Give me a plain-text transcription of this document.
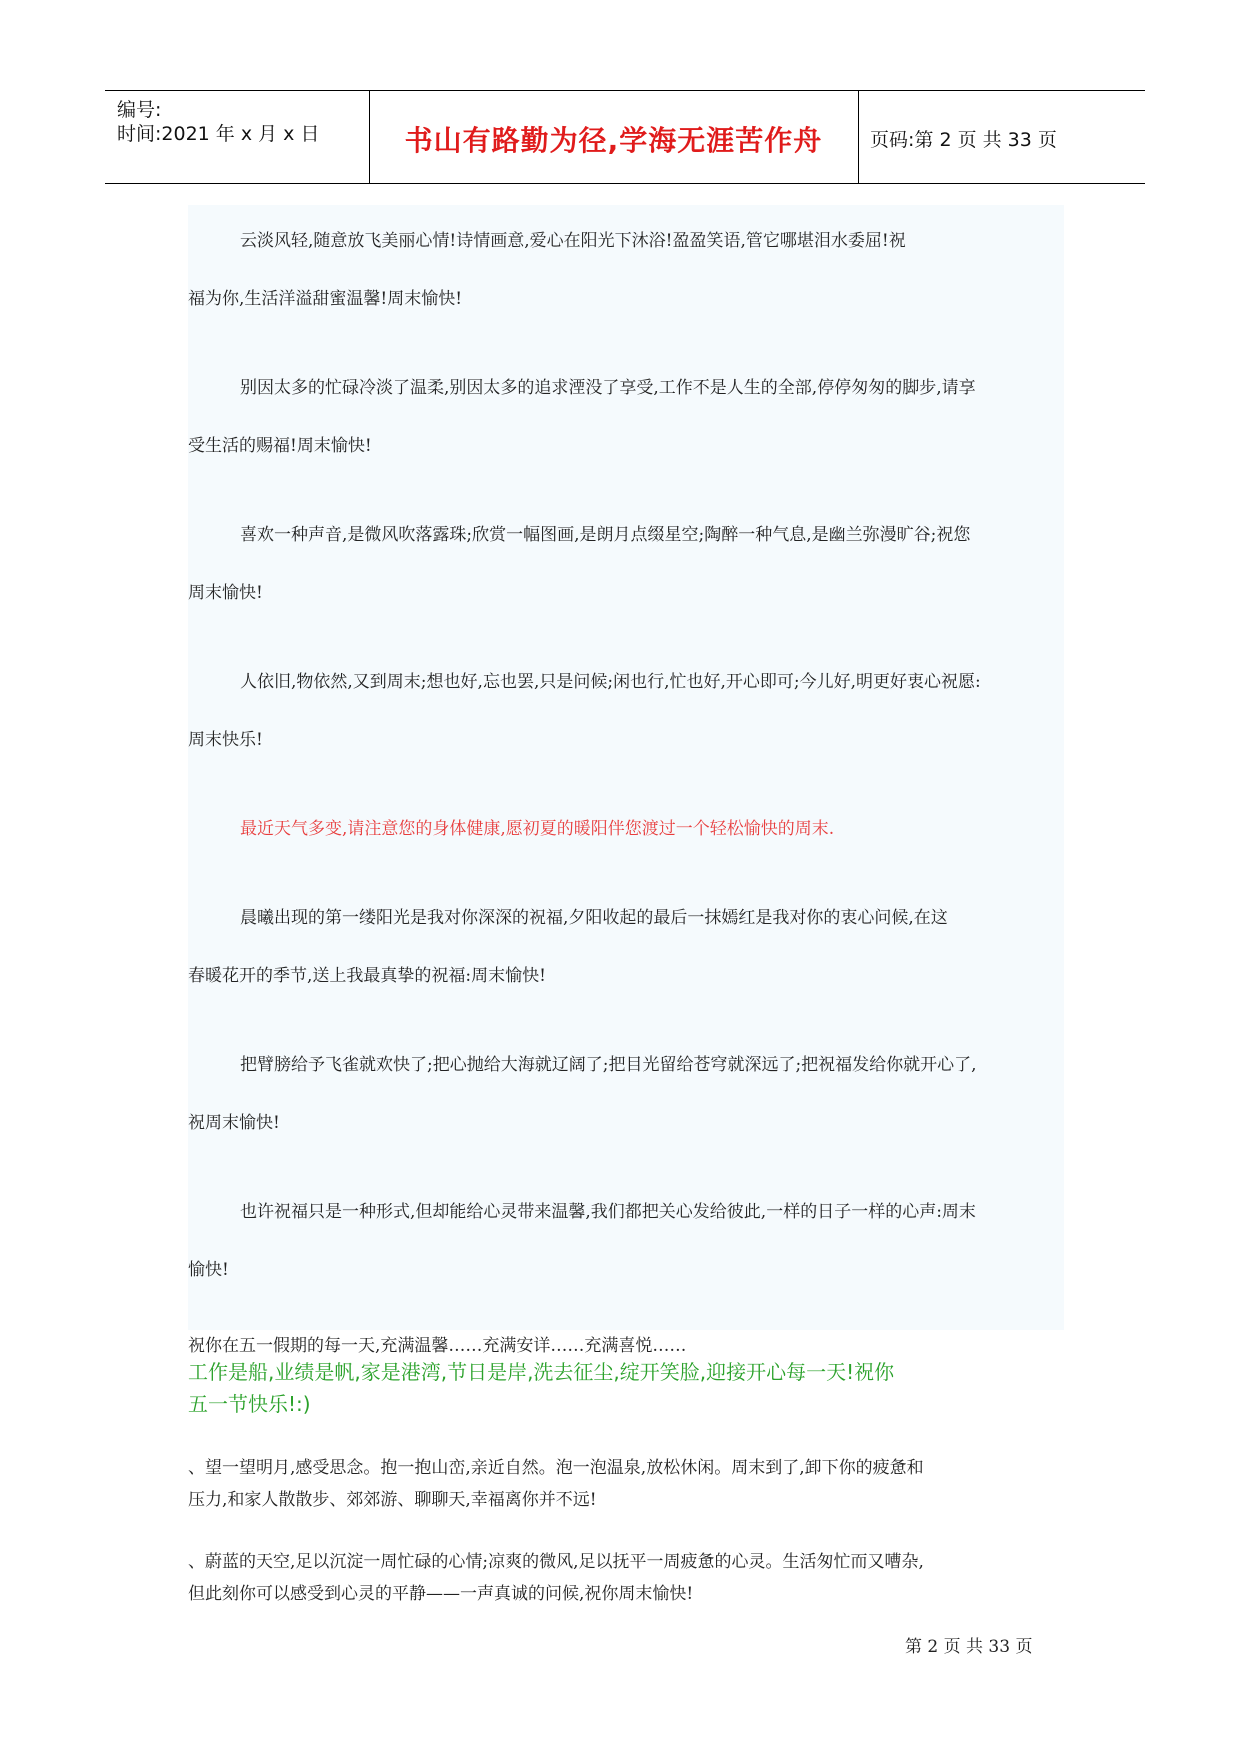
编号:
时间:2021 年 x 月 x 日	书山有路勤为径,学海无涯苦作舟	页码:第 2 页 共 33 页
云淡风轻,随意放飞美丽心情!诗情画意,爱心在阳光下沐浴!盈盈笑语,管它哪堪泪水委屈!祝
福为你,生活洋溢甜蜜温馨!周末愉快!
别因太多的忙碌冷淡了温柔,别因太多的追求湮没了享受,工作不是人生的全部,停停匆匆的脚步,请享
受生活的赐福!周末愉快!
喜欢一种声音,是微风吹落露珠;欣赏一幅图画,是朗月点缀星空;陶醉一种气息,是幽兰弥漫旷谷;祝您
周末愉快!
人依旧,物依然,又到周末;想也好,忘也罢,只是问候;闲也行,忙也好,开心即可;今儿好,明更好衷心祝愿:
周末快乐!
最近天气多变,请注意您的身体健康,愿初夏的暖阳伴您渡过一个轻松愉快的周末.
晨曦出现的第一缕阳光是我对你深深的祝福,夕阳收起的最后一抹嫣红是我对你的衷心问候,在这
春暖花开的季节,送上我最真挚的祝福:周末愉快!
把臂膀给予飞雀就欢快了;把心抛给大海就辽阔了;把目光留给苍穹就深远了;把祝福发给你就开心了,
祝周末愉快!
也许祝福只是一种形式,但却能给心灵带来温馨,我们都把关心发给彼此,一样的日子一样的心声:周末
愉快!
祝你在五一假期的每一天,充满温馨……充满安详……充满喜悦……
工作是船,业绩是帆,家是港湾,节日是岸,洗去征尘,绽开笑脸,迎接开心每一天!祝你
五一节快乐!:)
、望一望明月,感受思念。抱一抱山峦,亲近自然。泡一泡温泉,放松休闲。周末到了,卸下你的疲惫和
压力,和家人散散步、郊郊游、聊聊天,幸福离你并不远!
、蔚蓝的天空,足以沉淀一周忙碌的心情;凉爽的微风,足以抚平一周疲惫的心灵。生活匆忙而又嘈杂,
但此刻你可以感受到心灵的平静——一声真诚的问候,祝你周末愉快!
第 2 页 共 33 页
